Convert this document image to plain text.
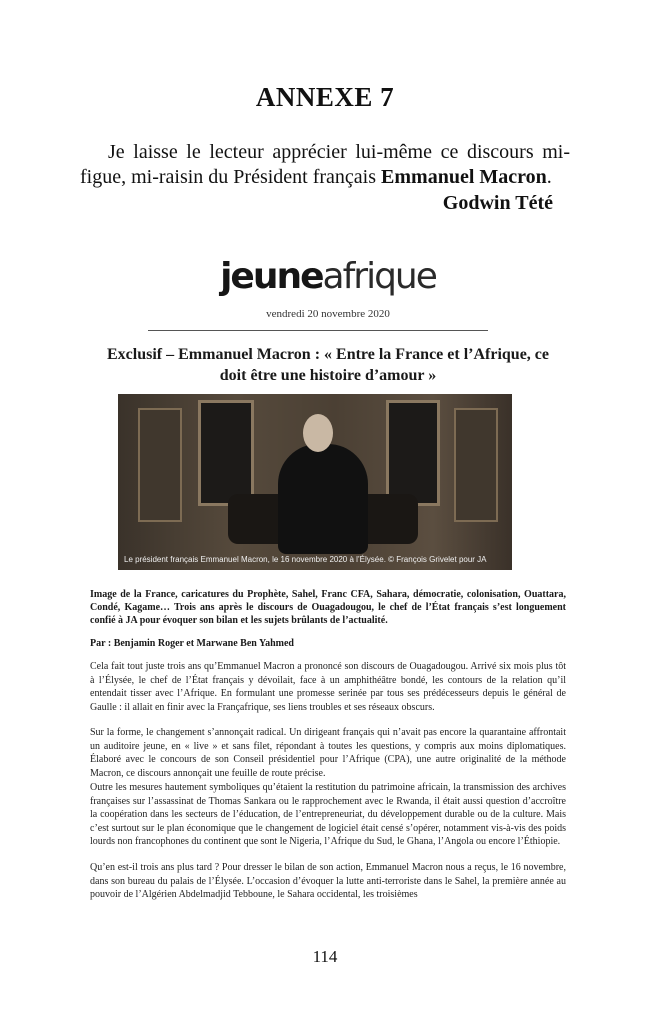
ANNEXE 7
Je laisse le lecteur apprécier lui-même ce discours mi-figue, mi-raisin du Président français Emmanuel Macron.
Godwin Tété
jeuneafrique
vendredi 20 novembre 2020
Exclusif – Emmanuel Macron : « Entre la France et l’Afrique, ce doit être une histoire d’amour »
Le président français Emmanuel Macron, le 16 novembre 2020 à l’Élysée. © François Grivelet pour JA
Image de la France, caricatures du Prophète, Sahel, Franc CFA, Sahara, démocratie, colonisation, Ouattara, Condé, Kagame… Trois ans après le discours de Ouagadougou, le chef de l’État français s’est longuement confié à JA pour évoquer son bilan et les sujets brûlants de l’actualité.
Par : Benjamin Roger et Marwane Ben Yahmed
Cela fait tout juste trois ans qu’Emmanuel Macron a prononcé son discours de Ouagadougou. Arrivé six mois plus tôt à l’Élysée, le chef de l’État français y dévoilait, face à un amphithéâtre bondé, les contours de la relation qu’il entendait tisser avec l’Afrique. En formulant une promesse serinée par tous ses prédécesseurs depuis le général de Gaulle : il allait en finir avec la Françafrique, ses liens troubles et ses réseaux obscurs.
Sur la forme, le changement s’annonçait radical. Un dirigeant français qui n’avait pas encore la quarantaine affrontait un auditoire jeune, en « live » et sans filet, répondant à toutes les questions, y compris aux moins diplomatiques. Élaboré avec le concours de son Conseil présidentiel pour l’Afrique (CPA), une autre originalité de la méthode Macron, ce discours annonçait une feuille de route précise.
Outre les mesures hautement symboliques qu’étaient la restitution du patrimoine africain, la transmission des archives françaises sur l’assassinat de Thomas Sankara ou le rapprochement avec le Rwanda, il était aussi question d’accroître la coopération dans les secteurs de l’éducation, de l’entrepreneuriat, du développement durable ou de la culture. Mais c’est surtout sur le plan économique que le changement de logiciel était censé s’opérer, notamment vis-à-vis des poids lourds non francophones du continent que sont le Nigeria, l’Afrique du Sud, le Ghana, l’Angola ou encore l’Éthiopie.
Qu’en est-il trois ans plus tard ? Pour dresser le bilan de son action, Emmanuel Macron nous a reçus, le 16 novembre, dans son bureau du palais de l’Élysée. L’occasion d’évoquer la lutte anti-terroriste dans le Sahel, la première année au pouvoir de l’Algérien Abdelmadjid Tebboune, le Sahara occidental, les troisièmes
114
